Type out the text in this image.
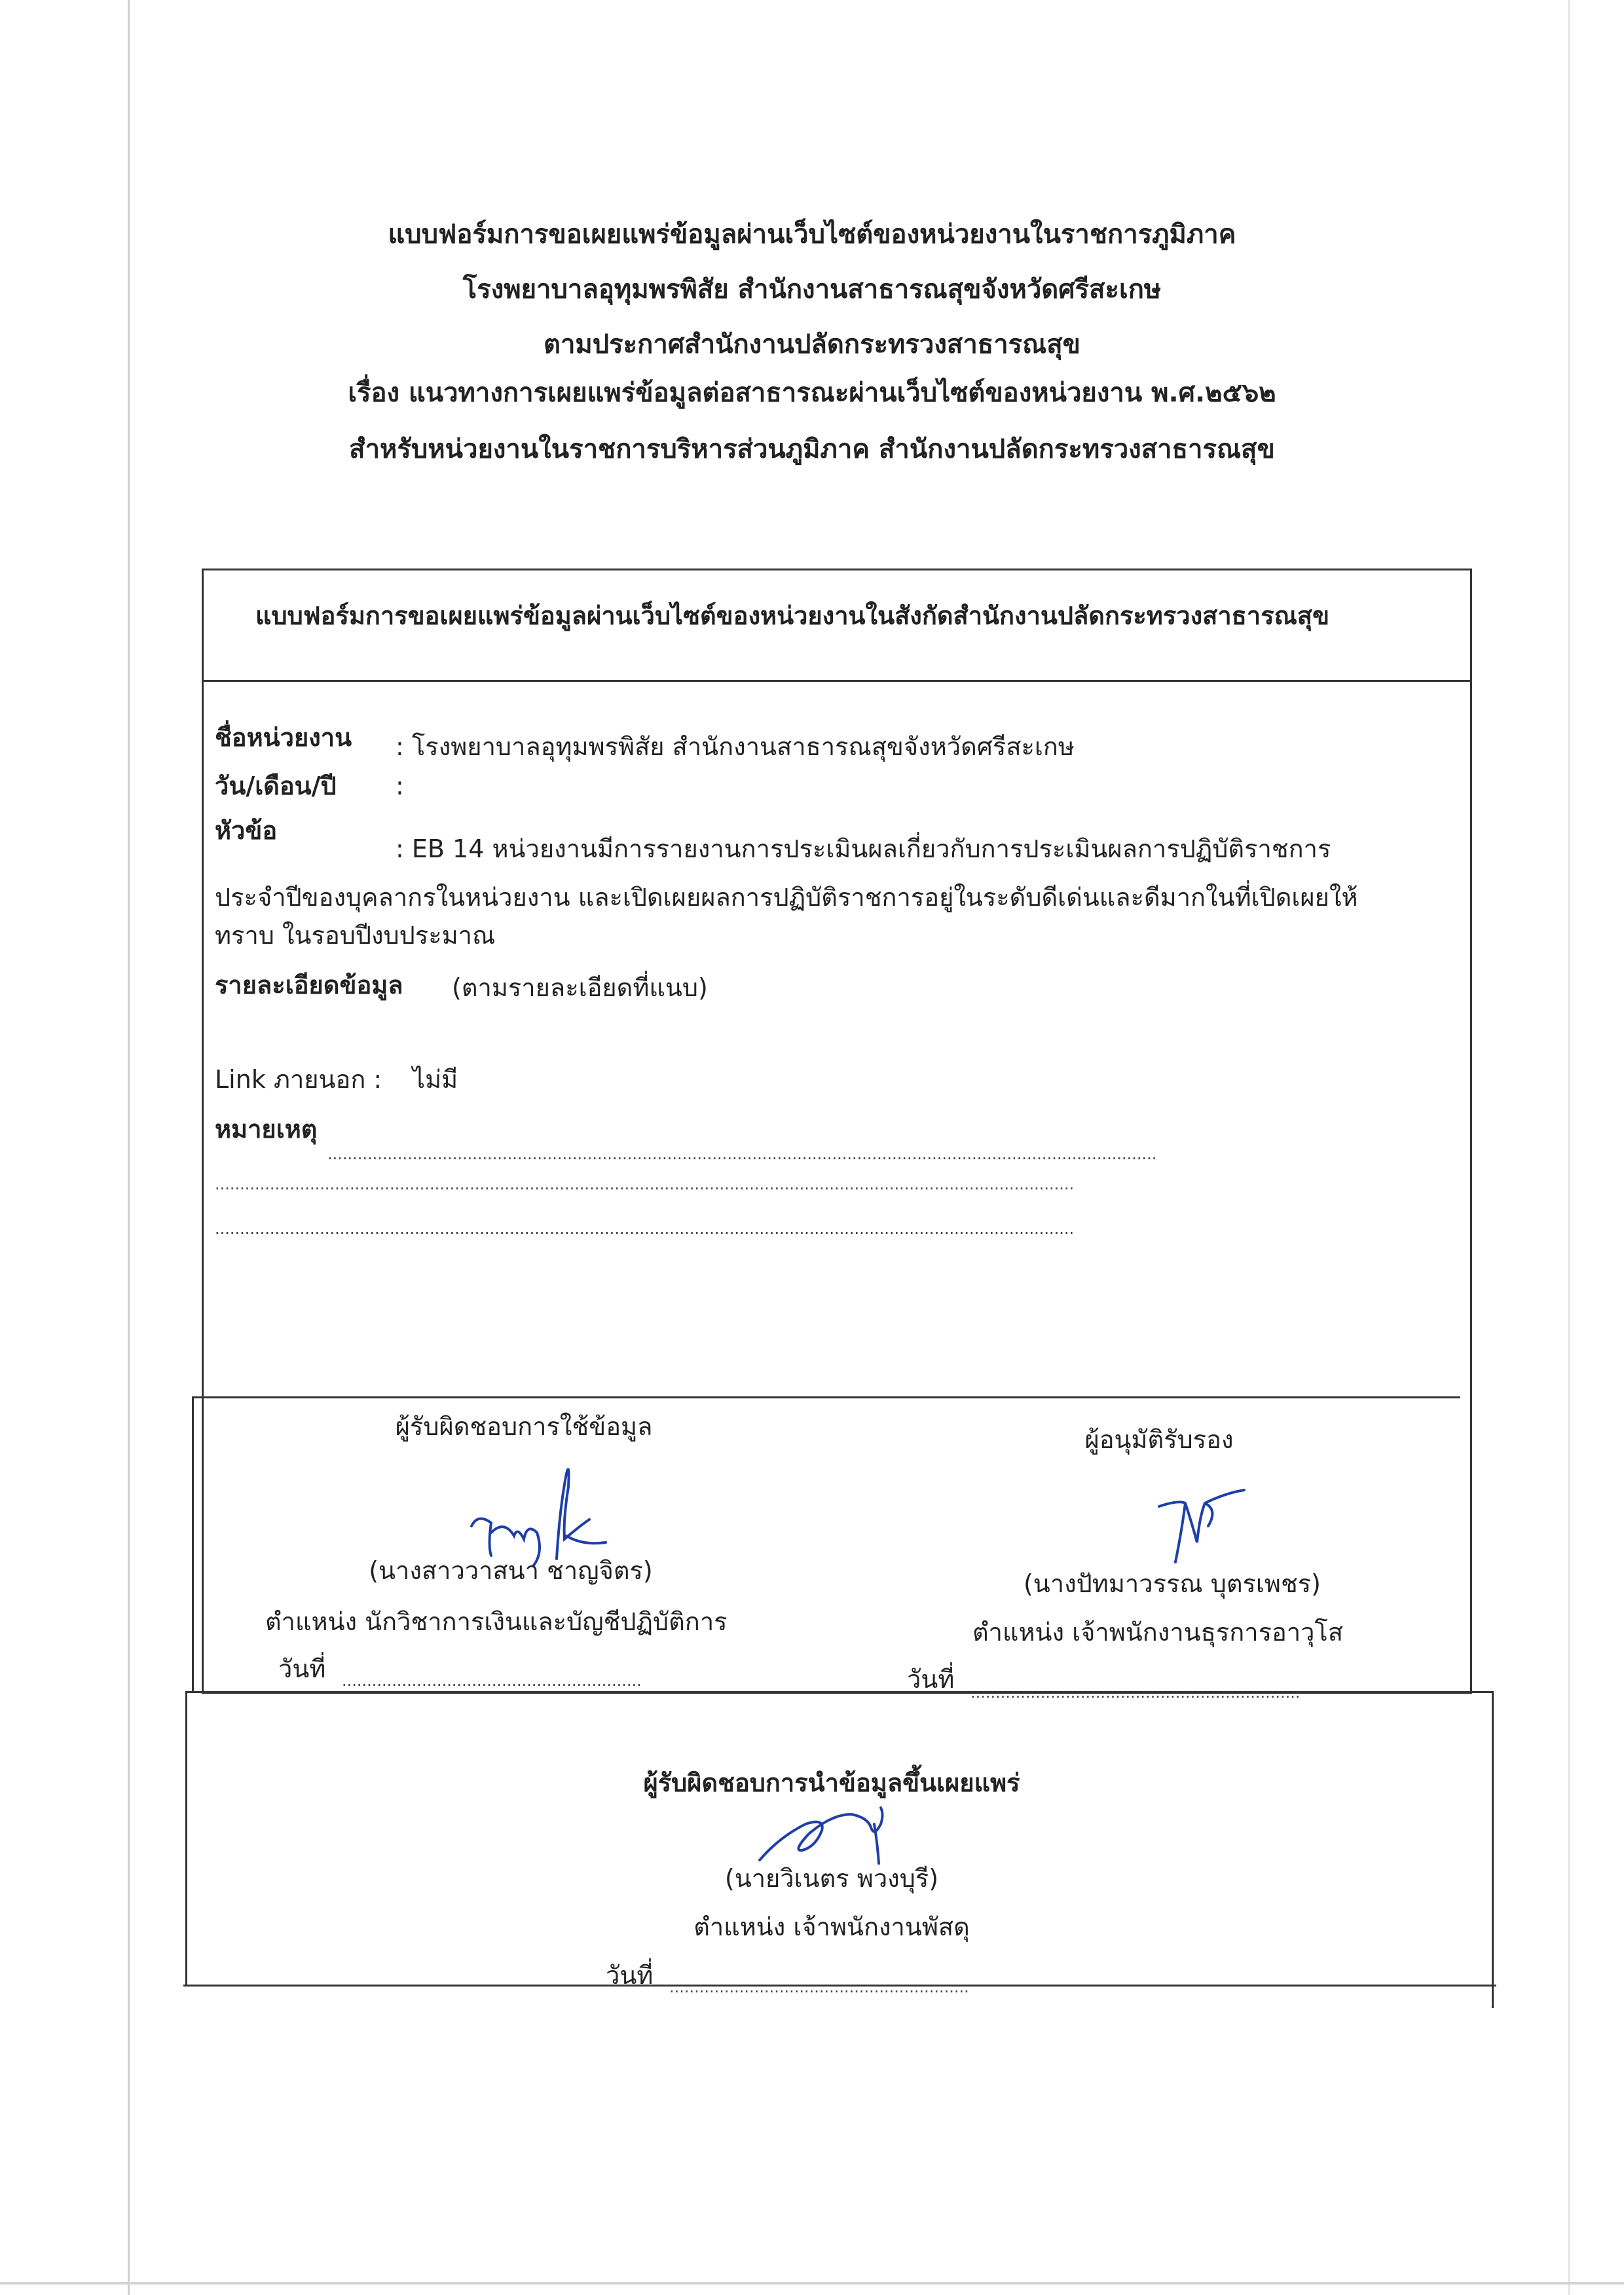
แบบฟอร์มการขอเผยแพร่ข้อมูลผ่านเว็บไซต์ของหน่วยงานในราชการภูมิภาค
โรงพยาบาลอุทุมพรพิสัย สำนักงานสาธารณสุขจังหวัดศรีสะเกษ
ตามประกาศสำนักงานปลัดกระทรวงสาธารณสุข
เรื่อง แนวทางการเผยแพร่ข้อมูลต่อสาธารณะผ่านเว็บไซต์ของหน่วยงาน พ.ศ.๒๕๖๒
สำหรับหน่วยงานในราชการบริหารส่วนภูมิภาค สำนักงานปลัดกระทรวงสาธารณสุข
แบบฟอร์มการขอเผยแพร่ข้อมูลผ่านเว็บไซต์ของหน่วยงานในสังกัดสำนักงานปลัดกระทรวงสาธารณสุข
ชื่อหน่วยงาน : โรงพยาบาลอุทุมพรพิสัย สำนักงานสาธารณสุขจังหวัดศรีสะเกษ
วัน/เดือน/ปี :
หัวข้อ
: EB 14 หน่วยงานมีการรายงานการประเมินผลเกี่ยวกับการประเมินผลการปฏิบัติราชการ
ประจำปีของบุคลากรในหน่วยงาน และเปิดเผยผลการปฏิบัติราชการอยู่ในระดับดีเด่นและดีมากในที่เปิดเผยให้
ทราบ ในรอบปีงบประมาณ
รายละเอียดข้อมูล (ตามรายละเอียดที่แนบ)
Link ภายนอก : ไม่มี
หมายเหตุ
......................................................................................................................................................................
............................................................................................................................................................................
............................................................................................................................................................................
ผู้รับผิดชอบการใช้ข้อมูล
(นางสาววาสนา ชาญจิตร)
ตำแหน่ง นักวิชาการเงินและบัญชีปฏิบัติการ
วันที่ ............................................................
ผู้อนุมัติรับรอง
(นางปัทมาวรรณ บุตรเพชร)
ตำแหน่ง เจ้าพนักงานธุรการอาวุโส
วันที่ ..................................................................
ผู้รับผิดชอบการนำข้อมูลขึ้นเผยแพร่
(นายวิเนตร พวงบุรี)
ตำแหน่ง เจ้าพนักงานพัสดุ
วันที่ ............................................................
